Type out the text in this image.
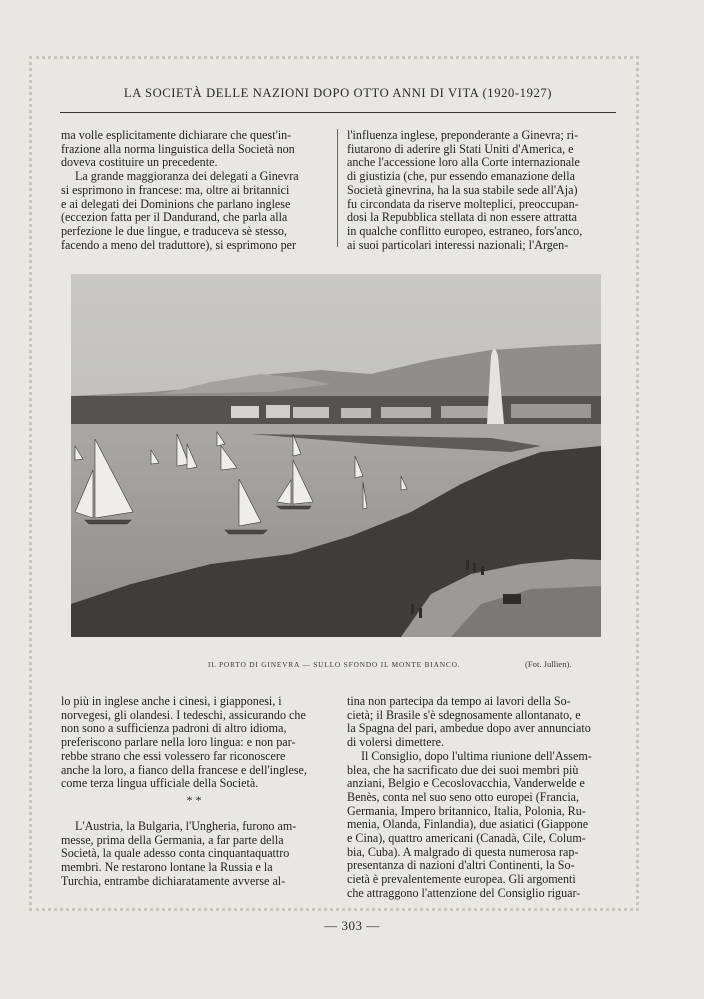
LA SOCIETÀ DELLE NAZIONI DOPO OTTO ANNI DI VITA (1920-1927)

ma volle esplicitamente dichiarare che quest'in-

frazione alla norma linguistica della Società non

doveva costituire un precedente.

La grande maggioranza dei delegati a Ginevra

si esprimono in francese: ma, oltre ai britannici

e ai delegati dei Dominions che parlano inglese

(eccezion fatta per il Dandurand, che parla alla

perfezione le due lingue, e traduceva sè stesso,

facendo a meno del traduttore), si esprimono per

l'influenza inglese, preponderante a Ginevra; ri-

fiutarono di aderire gli Stati Uniti d'America, e

anche l'accessione loro alla Corte internazionale

di giustizia (che, pur essendo emanazione della

Società ginevrina, ha la sua stabile sede all'Aja)

fu circondata da riserve molteplici, preoccupan-

dosi la Repubblica stellata di non essere attratta

in qualche conflitto europeo, estraneo, fors'anco,

ai suoi particolari interessi nazionali; l'Argen-

IL PORTO DI GINEVRA — SULLO SFONDO IL MONTE BIANCO.	(Fot. Jullien).

lo più in inglese anche i cinesi, i giapponesi, i

norvegesi, gli olandesi. I tedeschi, assicurando che

non sono a sufficienza padroni di altro idioma,

preferiscono parlare nella loro lingua: e non par-

rebbe strano che essi volessero far riconoscere

anche la loro, a fianco della francese e dell'inglese,

come terza lingua ufficiale della Società.

* *

L'Austria, la Bulgaria, l'Ungheria, furono am-

messe, prima della Germania, a far parte della

Società, la quale adesso conta cinquantaquattro

membri. Ne restarono lontane la Russia e la

Turchia, entrambe dichiaratamente avverse al-

tina non partecipa da tempo ai lavori della So-

cietà; il Brasile s'è sdegnosamente allontanato, e

la Spagna del pari, ambedue dopo aver annunciato

di volersi dimettere.

Il Consiglio, dopo l'ultima riunione dell'Assem-

blea, che ha sacrificato due dei suoi membri più

anziani, Belgio e Cecoslovacchia, Vanderwelde e

Benès, conta nel suo seno otto europei (Francia,

Germania, Impero britannico, Italia, Polonia, Ru-

menia, Olanda, Finlandia), due asiatici (Giappone

e Cina), quattro americani (Canadà, Cile, Colum-

bia, Cuba). A malgrado di questa numerosa rap-

presentanza di nazioni d'altri Continenti, la So-

cietà è prevalentemente europea. Gli argomenti

che attraggono l'attenzione del Consiglio riguar-

— 303 —
